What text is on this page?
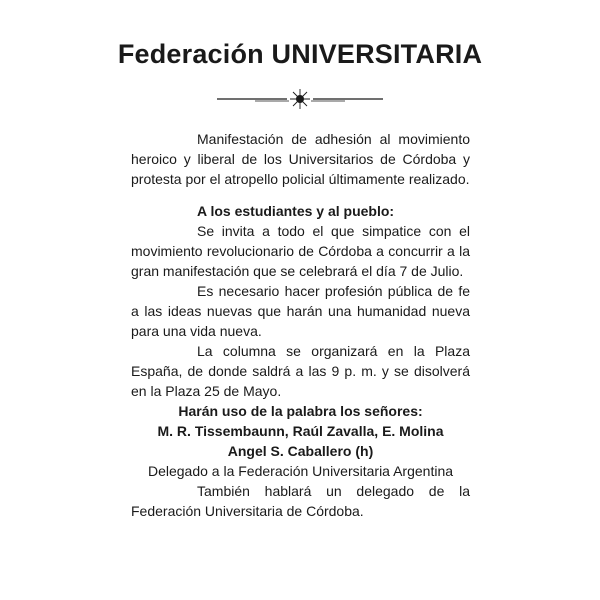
Federación UNIVERSITARIA

Manifestación de adhesión al movimiento heroico y liberal de los Universitarios de Córdoba y protesta por el atropello policial últimamente realizado.

A los estudiantes y al pueblo:

Se invita a todo el que simpatice con el movimiento revolucionario de Córdoba a concurrir a la gran manifestación que se celebrará el día 7 de Julio.

Es necesario hacer profesión pública de fe a las ideas nuevas que harán una humanidad nueva para una vida nueva.

La columna se organizará en la Plaza España, de donde saldrá a las 9 p. m. y se disolverá en la Plaza 25 de Mayo.

Harán uso de la palabra los señores:

M. R. Tissembaunn, Raúl Zavalla, E. Molina

Angel S. Caballero (h)

Delegado a la Federación Universitaria Argentina

También hablará un delegado de la Federación Universitaria de Córdoba.
